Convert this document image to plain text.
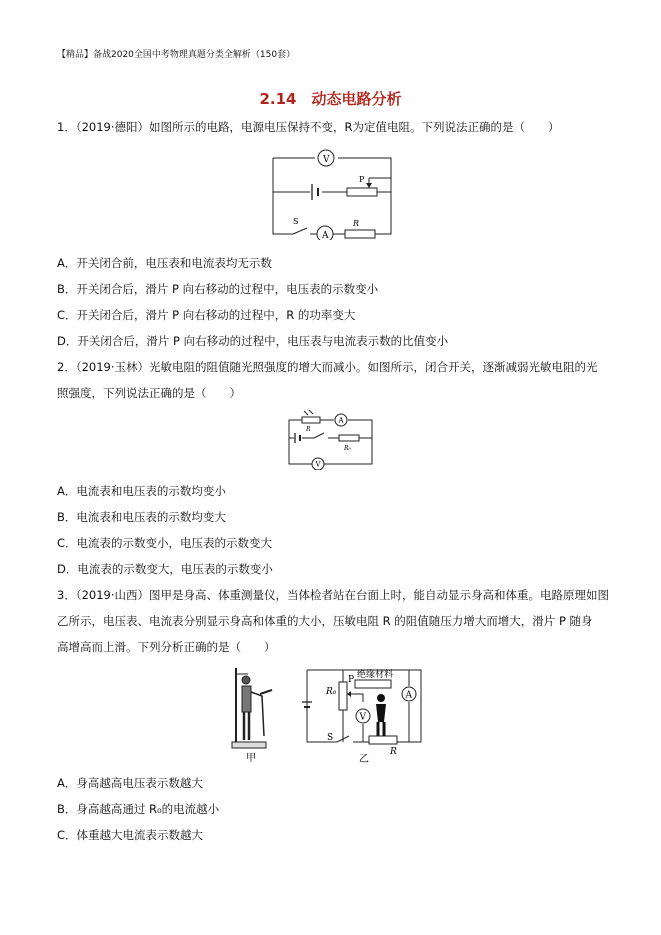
【精品】备战2020全国中考物理真题分类全解析（150套）
2.14　动态电路分析
1．（2019·德阳）如图所示的电路，电源电压保持不变，R为定值电阻。下列说法正确的是（　　）
V
A
P
S	R
A．开关闭合前，电压表和电流表均无示数
B．开关闭合后，滑片 P 向右移动的过程中，电压表的示数变小
C．开关闭合后，滑片 P 向右移动的过程中，R 的功率变大
D．开关闭合后，滑片 P 向右移动的过程中，电压表与电流表示数的比值变小
2．（2019·玉林）光敏电阻的阻值随光照强度的增大而减小。如图所示，闭合开关，逐渐减弱光敏电阻的光
照强度，下列说法正确的是（　　）
R
A
R₀
V
A．电流表和电压表的示数均变小
B．电流表和电压表的示数均变大
C．电流表的示数变小，电压表的示数变大
D．电流表的示数变大，电压表的示数变小
3．（2019·山西）图甲是身高、体重测量仪，当体检者站在台面上时，能自动显示身高和体重。电路原理如图
乙所示，电压表、电流表分别显示身高和体重的大小，压敏电阻 R 的阻值随压力增大而增大，滑片 P 随身
高增高而上滑。下列分析正确的是（　　）
甲
R₀
P 绝缘材料
V
A
S
R
乙
A．身高越高电压表示数越大
B．身高越高通过 R₀的电流越小
C．体重越大电流表示数越大
